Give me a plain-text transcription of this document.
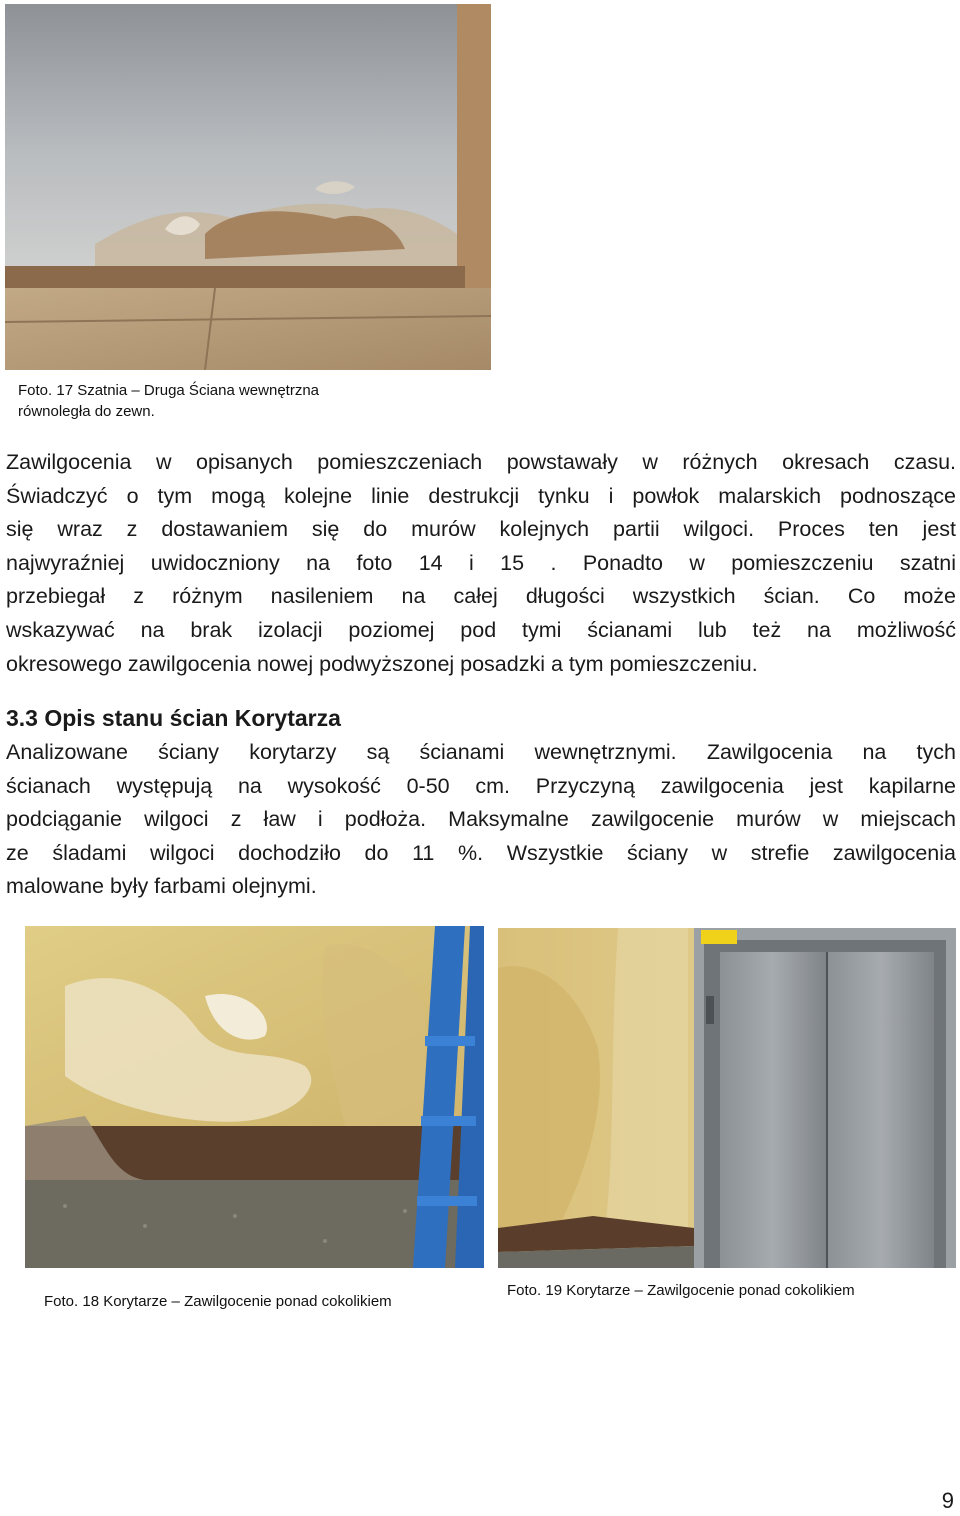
Foto. 17 Szatnia – Druga Ściana wewnętrzna
równoległa do zewn.
Zawilgocenia w opisanych pomieszczeniach powstawały w różnych okresach czasu.
Świadczyć o tym mogą kolejne linie destrukcji tynku i powłok malarskich podnoszące
się wraz z dostawaniem się do murów kolejnych partii wilgoci. Proces ten jest
najwyraźniej uwidoczniony na foto 14 i 15 . Ponadto w pomieszczeniu szatni
przebiegał z różnym nasileniem na całej długości wszystkich ścian. Co może
wskazywać na brak izolacji poziomej pod tymi ścianami lub też na możliwość
okresowego zawilgocenia nowej podwyższonej posadzki a tym pomieszczeniu.
3.3 Opis stanu ścian Korytarza
Analizowane ściany korytarzy są ścianami wewnętrznymi. Zawilgocenia na tych
ścianach występują na wysokość 0-50 cm. Przyczyną zawilgocenia jest kapilarne
podciąganie wilgoci z ław i podłoża. Maksymalne zawilgocenie murów w miejscach
ze śladami wilgoci dochodziło do 11 %. Wszystkie ściany w strefie zawilgocenia
malowane były farbami olejnymi.
Foto. 18 Korytarze – Zawilgocenie ponad cokolikiem
Foto. 19 Korytarze – Zawilgocenie ponad cokolikiem
9
